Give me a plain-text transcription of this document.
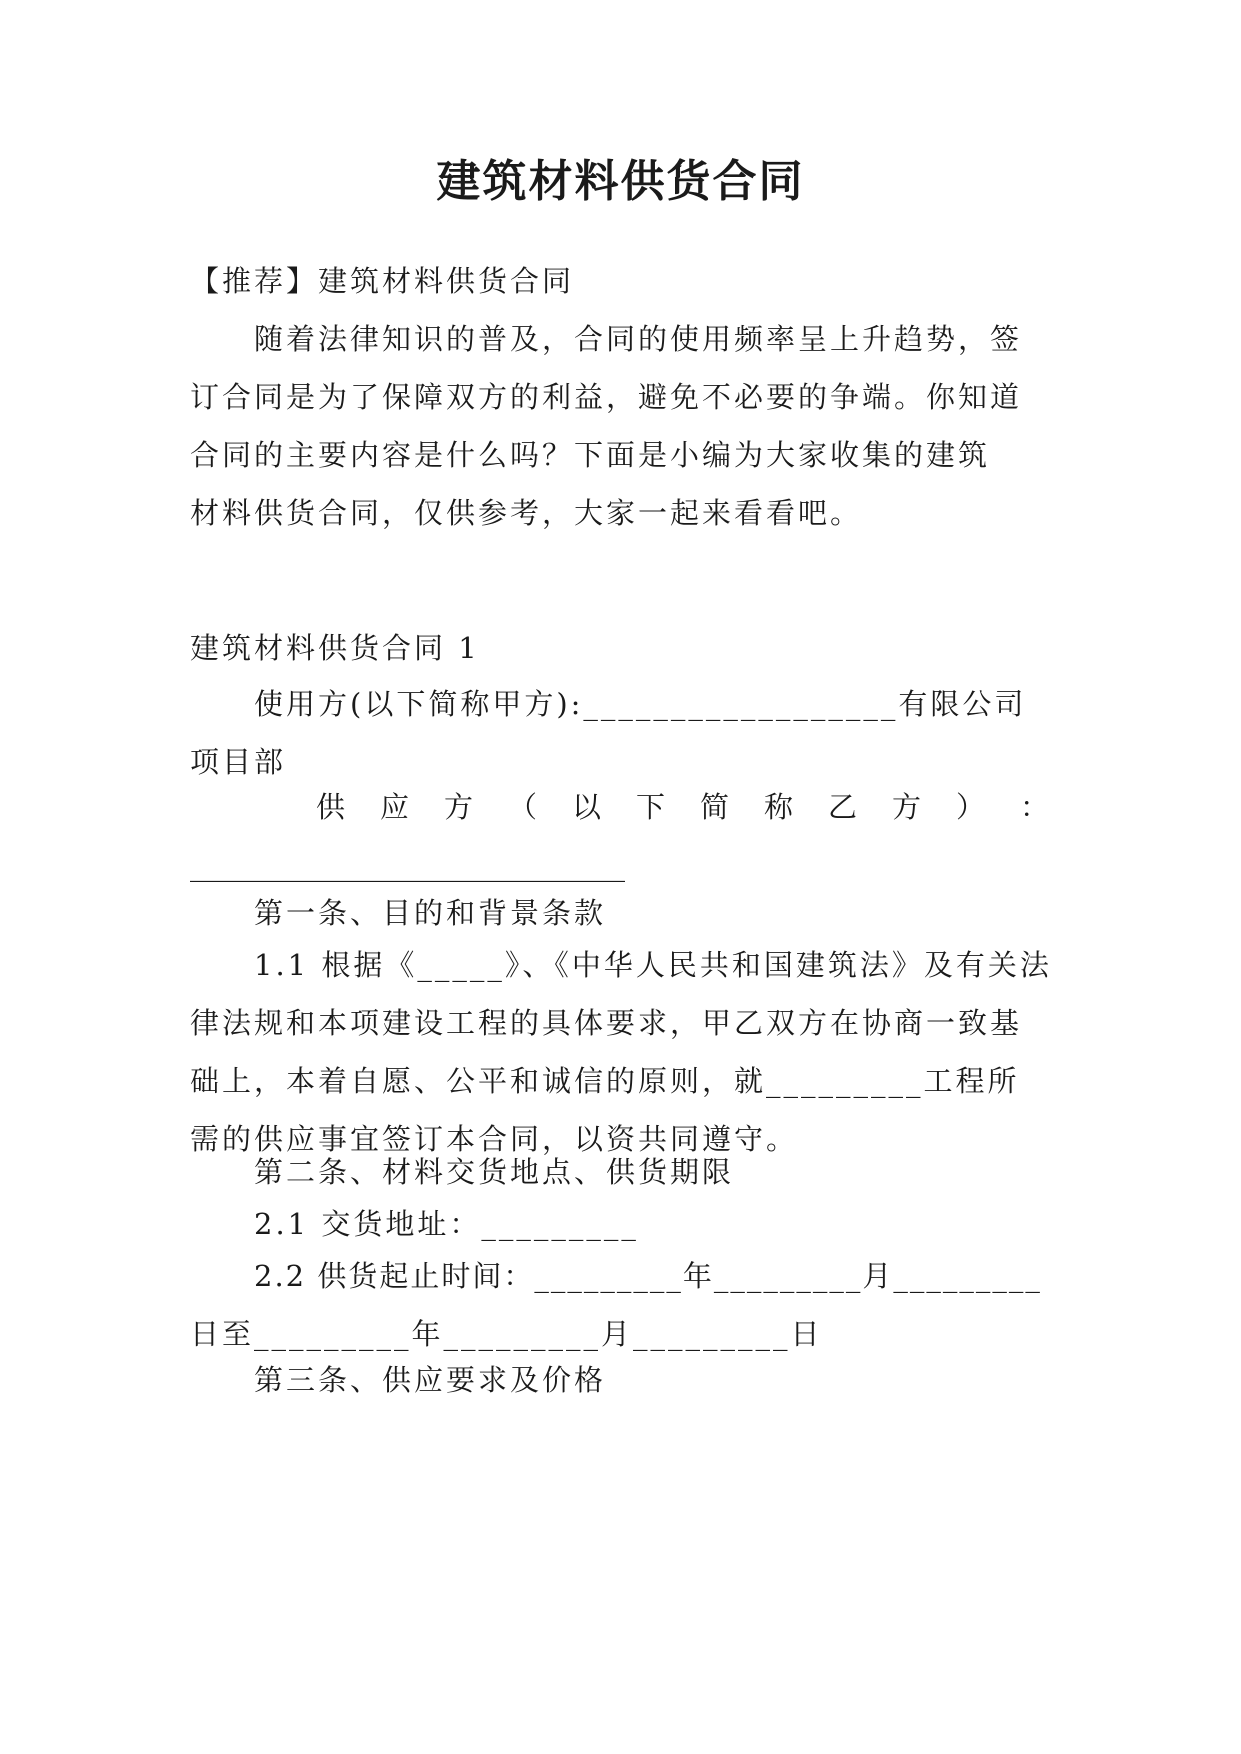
建筑材料供货合同
【推荐】建筑材料供货合同
随着法律知识的普及，合同的使用频率呈上升趋势，签
订合同是为了保障双方的利益，避免不必要的争端。你知道
合同的主要内容是什么吗？下面是小编为大家收集的建筑
材料供货合同，仅供参考，大家一起来看看吧。
建筑材料供货合同 1
使用方(以下简称甲方):__________________有限公司
项目部
供 应 方 （ 以 下 简 称 乙 方 ） ：
______________________________
第一条、目的和背景条款
1.1 根据《_____》、《中华人民共和国建筑法》及有关法
律法规和本项建设工程的具体要求，甲乙双方在协商一致基
础上，本着自愿、公平和诚信的原则，就_________工程所
需的供应事宜签订本合同，以资共同遵守。
第二条、材料交货地点、供货期限
2.1 交货地址：_________
2.2 供货起止时间：_________年_________月_________
日至_________年_________月_________日
第三条、供应要求及价格
